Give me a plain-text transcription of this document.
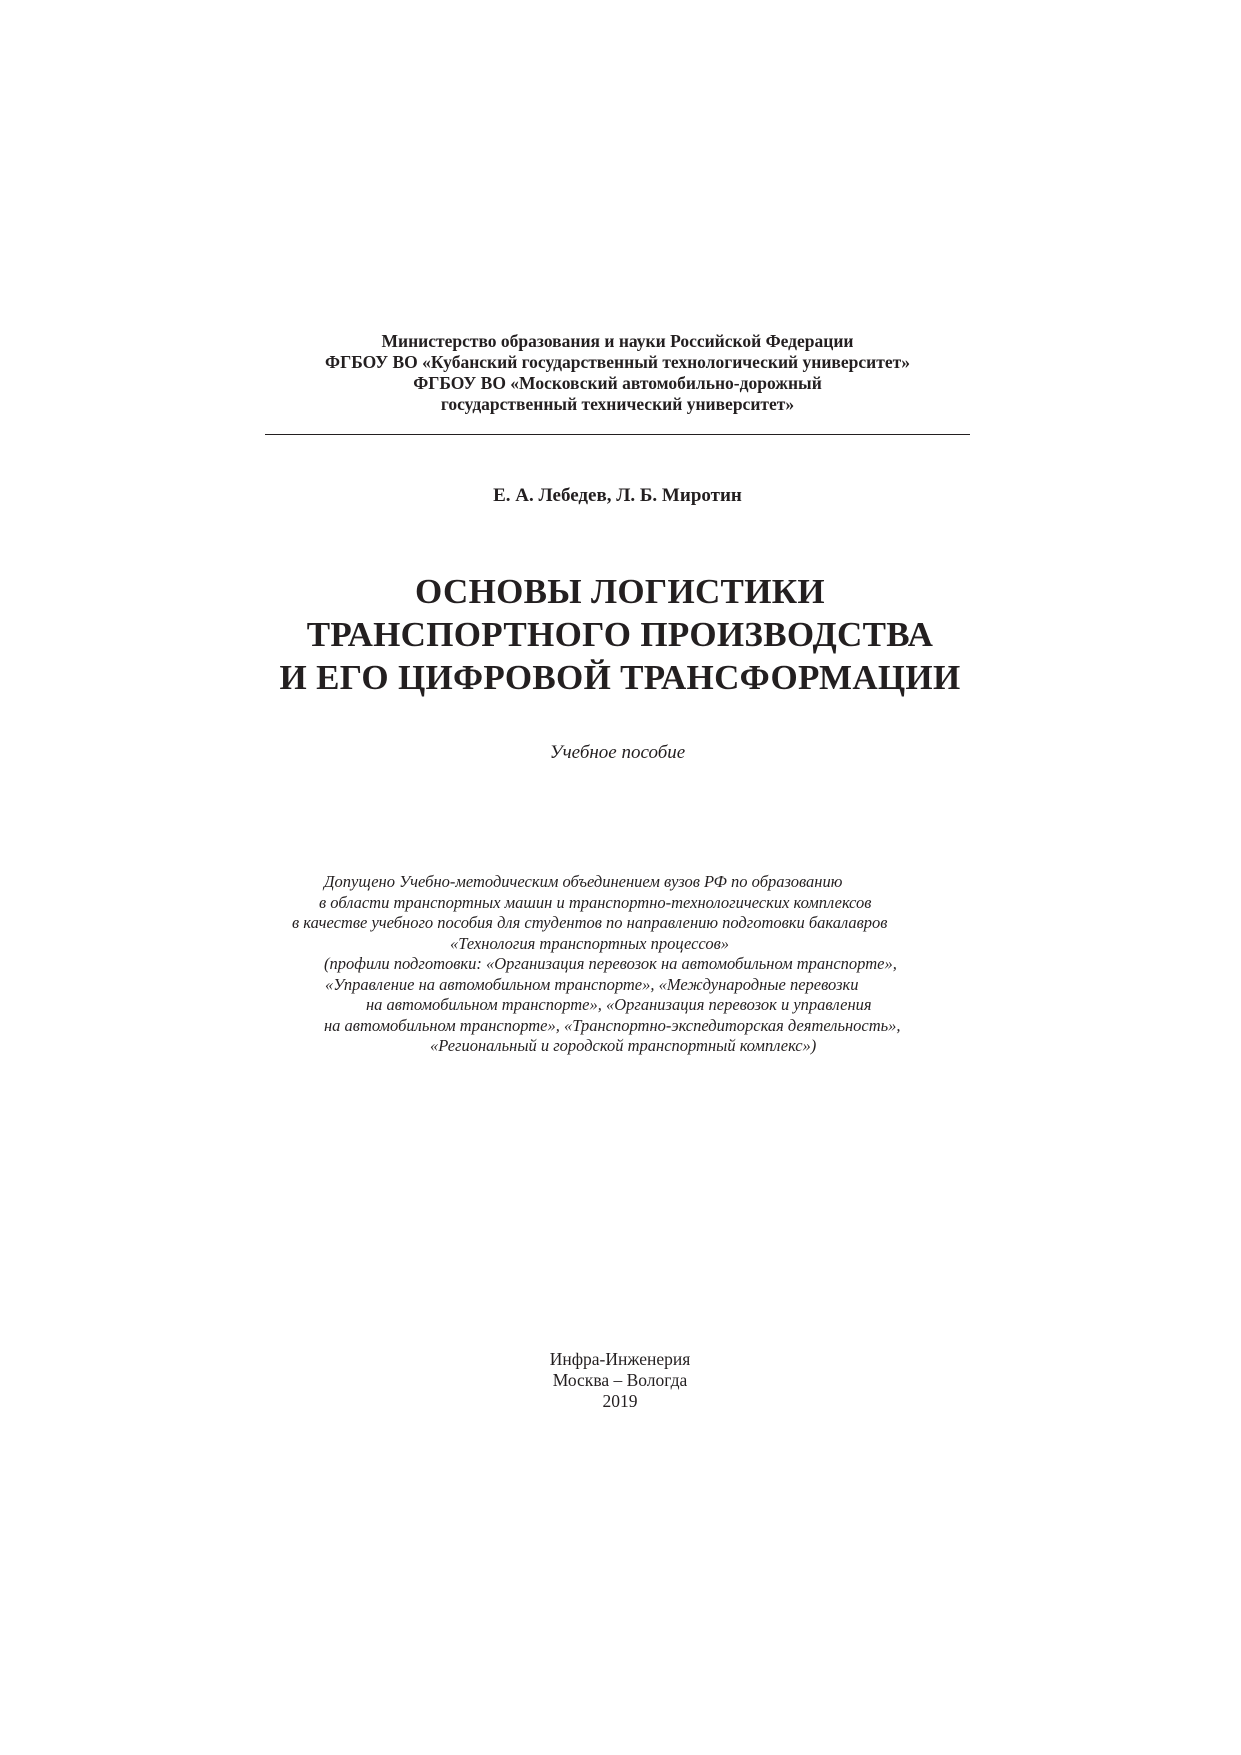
Министерство образования и науки Российской Федерации
ФГБОУ ВО «Кубанский государственный технологический университет»
ФГБОУ ВО «Московский автомобильно-дорожный
государственный технический университет»
Е. А. Лебедев, Л. Б. Миротин
ОСНОВЫ ЛОГИСТИКИ
ТРАНСПОРТНОГО ПРОИЗВОДСТВА
И ЕГО ЦИФРОВОЙ ТРАНСФОРМАЦИИ
Учебное пособие
Допущено Учебно-методическим объединением вузов РФ по образованию
в области транспортных машин и транспортно-технологических комплексов
в качестве учебного пособия для студентов по направлению подготовки бакалавров
«Технология транспортных процессов»
(профили подготовки: «Организация перевозок на автомобильном транспорте»,
«Управление на автомобильном транспорте», «Международные перевозки
на автомобильном транспорте», «Организация перевозок и управления
на автомобильном транспорте», «Транспортно-экспедиторская деятельность»,
«Региональный и городской транспортный комплекс»)
Инфра-Инженерия
Москва – Вологда
2019
